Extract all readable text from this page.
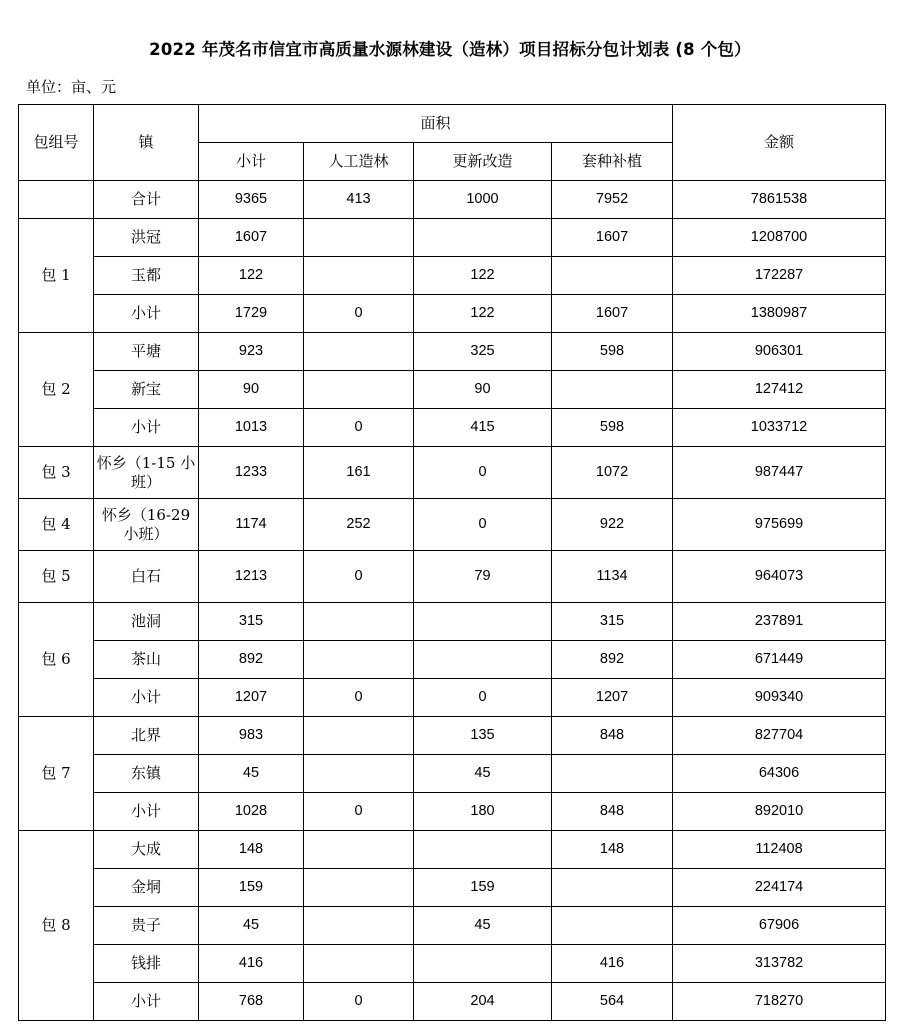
2022 年茂名市信宜市高质量水源林建设（造林）项目招标分包计划表 (8 个包）
单位：亩、元
包组号	镇	面积				金额
		小计	人工造林	更新改造	套种补植	
	合计	9365	413	1000	7952	7861538
包 1	洪冠	1607			1607	1208700
	玉都	122		122		172287
	小计	1729	0	122	1607	1380987
包 2	平塘	923		325	598	906301
	新宝	90		90		127412
	小计	1013	0	415	598	1033712
包 3	怀乡（1-15 小班）	1233	161	0	1072	987447
包 4	怀乡（16-29 小班）	1174	252	0	922	975699
包 5	白石	1213	0	79	1134	964073
包 6	池洞	315			315	237891
	茶山	892			892	671449
	小计	1207	0	0	1207	909340
包 7	北界	983		135	848	827704
	东镇	45		45		64306
	小计	1028	0	180	848	892010
包 8	大成	148			148	112408
	金垌	159		159		224174
	贵子	45		45		67906
	钱排	416			416	313782
	小计	768	0	204	564	718270
